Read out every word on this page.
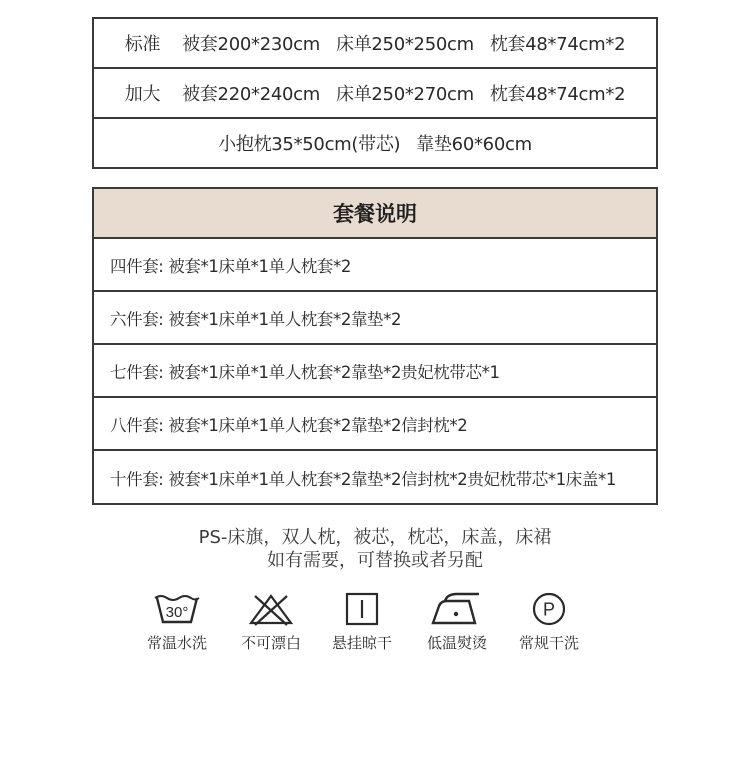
标准 被套200*230cm 床单250*250cm 枕套48*74cm*2
加大 被套220*240cm 床单250*270cm 枕套48*74cm*2
小抱枕35*50cm(带芯) 靠垫60*60cm
套餐说明
四件套: 被套*1床单*1单人枕套*2
六件套: 被套*1床单*1单人枕套*2靠垫*2
七件套: 被套*1床单*1单人枕套*2靠垫*2贵妃枕带芯*1
八件套: 被套*1床单*1单人枕套*2靠垫*2信封枕*2
十件套: 被套*1床单*1单人枕套*2靠垫*2信封枕*2贵妃枕带芯*1床盖*1
PS-床旗，双人枕，被芯，枕芯，床盖，床裙
如有需要，可替换或者另配
30°
常温水洗	不可漂白	悬挂晾干	低温熨烫
P
常规干洗
